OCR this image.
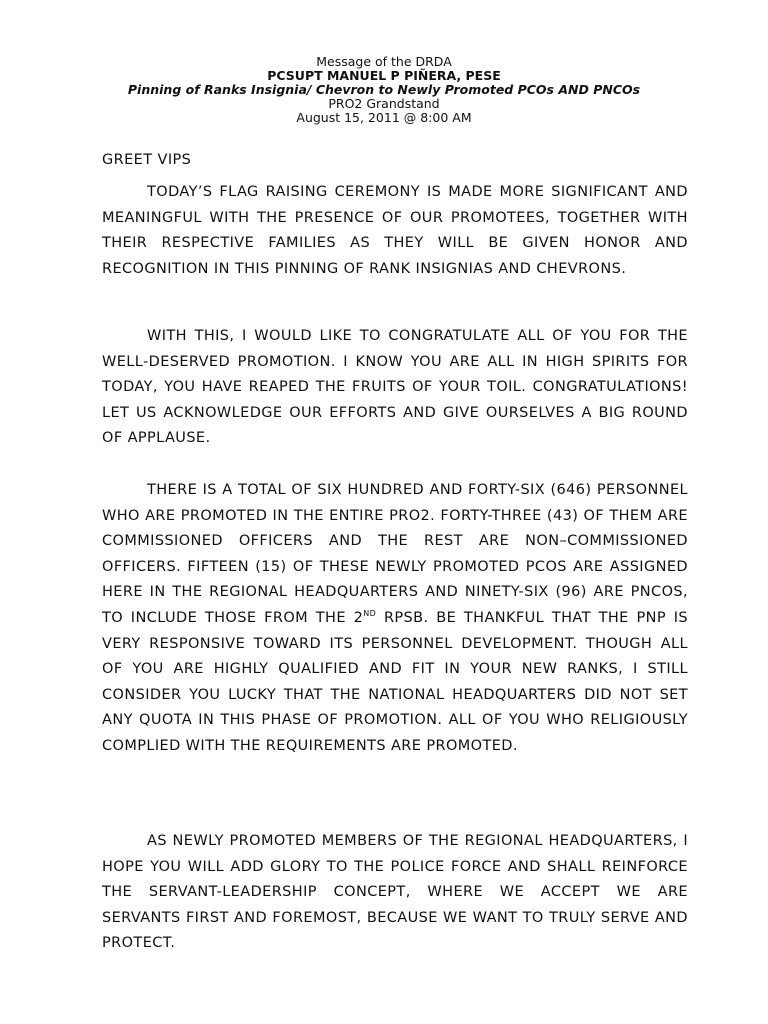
Message of the DRDA
PCSUPT MANUEL P PIÑERA, PESE
Pinning of Ranks Insignia/ Chevron to Newly Promoted PCOs AND PNCOs
PRO2 Grandstand
August 15, 2011 @ 8:00 AM
GREET VIPS

TODAY’S FLAG RAISING CEREMONY IS MADE MORE SIGNIFICANT AND MEANINGFUL WITH THE PRESENCE OF OUR PROMOTEES, TOGETHER WITH THEIR RESPECTIVE FAMILIES AS THEY WILL BE GIVEN HONOR AND RECOGNITION IN THIS PINNING OF RANK INSIGNIAS AND CHEVRONS.

WITH THIS, I WOULD LIKE TO CONGRATULATE ALL OF YOU FOR THE WELL-DESERVED PROMOTION. I KNOW YOU ARE ALL IN HIGH SPIRITS FOR TODAY, YOU HAVE REAPED THE FRUITS OF YOUR TOIL. CONGRATULATIONS! LET US ACKNOWLEDGE OUR EFFORTS AND GIVE OURSELVES A BIG ROUND OF APPLAUSE.

THERE IS A TOTAL OF SIX HUNDRED AND FORTY-SIX (646) PERSONNEL WHO ARE PROMOTED IN THE ENTIRE PRO2. FORTY-THREE (43) OF THEM ARE COMMISSIONED OFFICERS AND THE REST ARE NON–COMMISSIONED OFFICERS. FIFTEEN (15) OF THESE NEWLY PROMOTED PCOS ARE ASSIGNED HERE IN THE REGIONAL HEADQUARTERS AND NINETY-SIX (96) ARE PNCOS, TO INCLUDE THOSE FROM THE 2ND RPSB. BE THANKFUL THAT THE PNP IS VERY RESPONSIVE TOWARD ITS PERSONNEL DEVELOPMENT. THOUGH ALL OF YOU ARE HIGHLY QUALIFIED AND FIT IN YOUR NEW RANKS, I STILL CONSIDER YOU LUCKY THAT THE NATIONAL HEADQUARTERS DID NOT SET ANY QUOTA IN THIS PHASE OF PROMOTION. ALL OF YOU WHO RELIGIOUSLY COMPLIED WITH THE REQUIREMENTS ARE PROMOTED.

AS NEWLY PROMOTED MEMBERS OF THE REGIONAL HEADQUARTERS, I HOPE YOU WILL ADD GLORY TO THE POLICE FORCE AND SHALL REINFORCE THE SERVANT-LEADERSHIP CONCEPT, WHERE WE ACCEPT WE ARE SERVANTS FIRST AND FOREMOST, BECAUSE WE WANT TO TRULY SERVE AND PROTECT.
